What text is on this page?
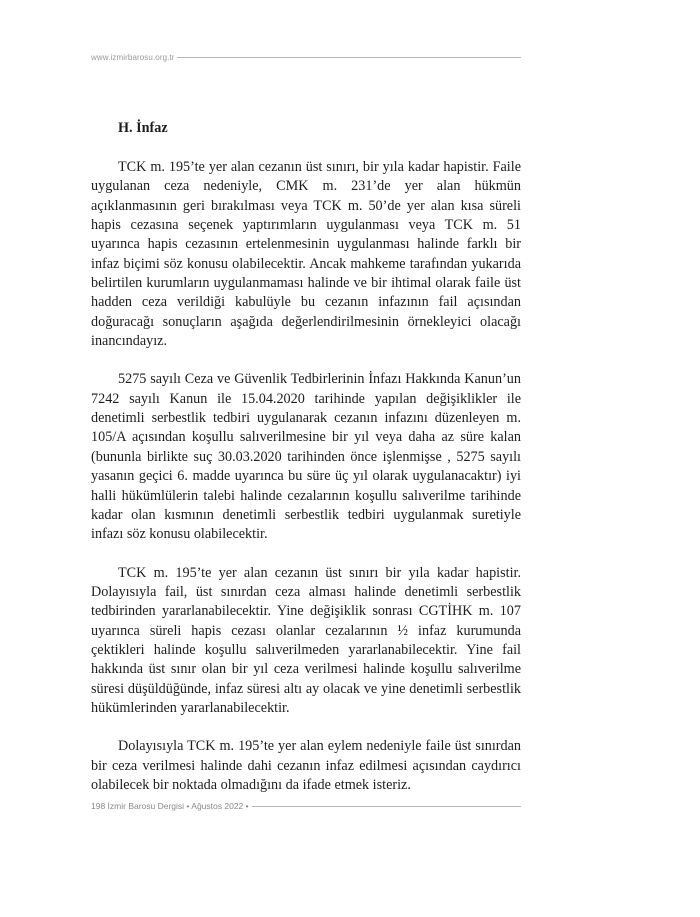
www.izmirbarosu.org.tr
H. İnfaz

TCK m. 195’te yer alan cezanın üst sınırı, bir yıla kadar hapistir. Faile uygulanan ceza nedeniyle, CMK m. 231’de yer alan hükmün açıklanmasının geri bırakılması veya TCK m. 50’de yer alan kısa süreli hapis cezasına seçenek yaptırımların uygulanması veya TCK m. 51 uyarınca hapis cezasının ertelenmesinin uygulanması halinde farklı bir infaz biçimi söz konusu olabilecektir. Ancak mahkeme tarafından yukarıda belirtilen kurumların uygulanmaması halinde ve bir ihtimal olarak faile üst hadden ceza verildiği kabulüyle bu cezanın infazının fail açısından doğuracağı sonuçların aşağıda değerlendirilmesinin örnekleyici olacağı inancındayız.

5275 sayılı Ceza ve Güvenlik Tedbirlerinin İnfazı Hakkında Kanun’un 7242 sayılı Kanun ile 15.04.2020 tarihinde yapılan değişiklikler ile denetimli serbestlik tedbiri uygulanarak cezanın infazını düzenleyen m. 105/A açısından koşullu salıverilmesine bir yıl veya daha az süre kalan (bununla birlikte suç 30.03.2020 tarihinden önce işlenmişse , 5275 sayılı yasanın geçici 6. madde uyarınca bu süre üç yıl olarak uygulanacaktır) iyi halli hükümlülerin talebi halinde cezalarının koşullu salıverilme tarihinde kadar olan kısmının denetimli serbestlik tedbiri uygulanmak suretiyle infazı söz konusu olabilecektir.

TCK m. 195’te yer alan cezanın üst sınırı bir yıla kadar hapistir. Dolayısıyla fail, üst sınırdan ceza alması halinde denetimli serbestlik tedbirinden yararlanabilecektir. Yine değişiklik sonrası CGTİHK m. 107 uyarınca süreli hapis cezası olanlar cezalarının ½ infaz kurumunda çektikleri halinde koşullu salıverilmeden yararlanabilecektir. Yine fail hakkında üst sınır olan bir yıl ceza verilmesi halinde koşullu salıverilme süresi düşüldüğünde, infaz süresi altı ay olacak ve yine denetimli serbestlik hükümlerinden yararlanabilecektir.

Dolayısıyla TCK m. 195’te yer alan eylem nedeniyle faile üst sınırdan bir ceza verilmesi halinde dahi cezanın infaz edilmesi açısından caydırıcı olabilecek bir noktada olmadığını da ifade etmek isteriz.

198 İzmir Barosu Dergisi • Ağustos 2022 •
